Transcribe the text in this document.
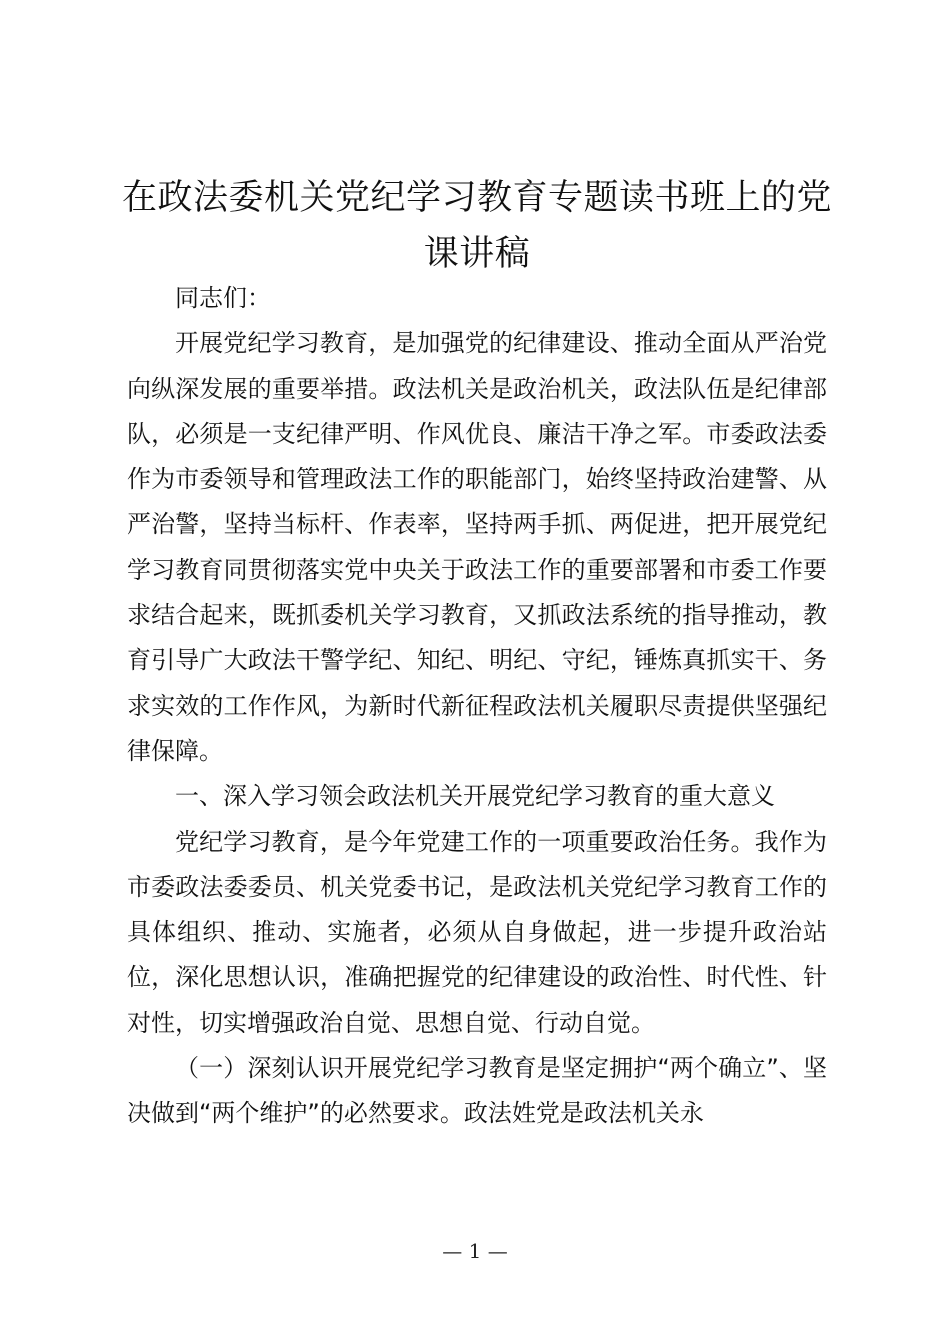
在政法委机关党纪学习教育专题读书班上的党课讲稿

同志们：

开展党纪学习教育，是加强党的纪律建设、推动全面从严治党向纵深发展的重要举措。政法机关是政治机关，政法队伍是纪律部队，必须是一支纪律严明、作风优良、廉洁干净之军。市委政法委作为市委领导和管理政法工作的职能部门，始终坚持政治建警、从严治警，坚持当标杆、作表率，坚持两手抓、两促进，把开展党纪学习教育同贯彻落实党中央关于政法工作的重要部署和市委工作要求结合起来，既抓委机关学习教育，又抓政法系统的指导推动，教育引导广大政法干警学纪、知纪、明纪、守纪，锤炼真抓实干、务求实效的工作作风，为新时代新征程政法机关履职尽责提供坚强纪律保障。

一、深入学习领会政法机关开展党纪学习教育的重大意义

党纪学习教育，是今年党建工作的一项重要政治任务。我作为市委政法委委员、机关党委书记，是政法机关党纪学习教育工作的具体组织、推动、实施者，必须从自身做起，进一步提升政治站位，深化思想认识，准确把握党的纪律建设的政治性、时代性、针对性，切实增强政治自觉、思想自觉、行动自觉。

（一）深刻认识开展党纪学习教育是坚定拥护“两个确立”、坚决做到“两个维护”的必然要求。政法姓党是政法机关永

— 1 —
